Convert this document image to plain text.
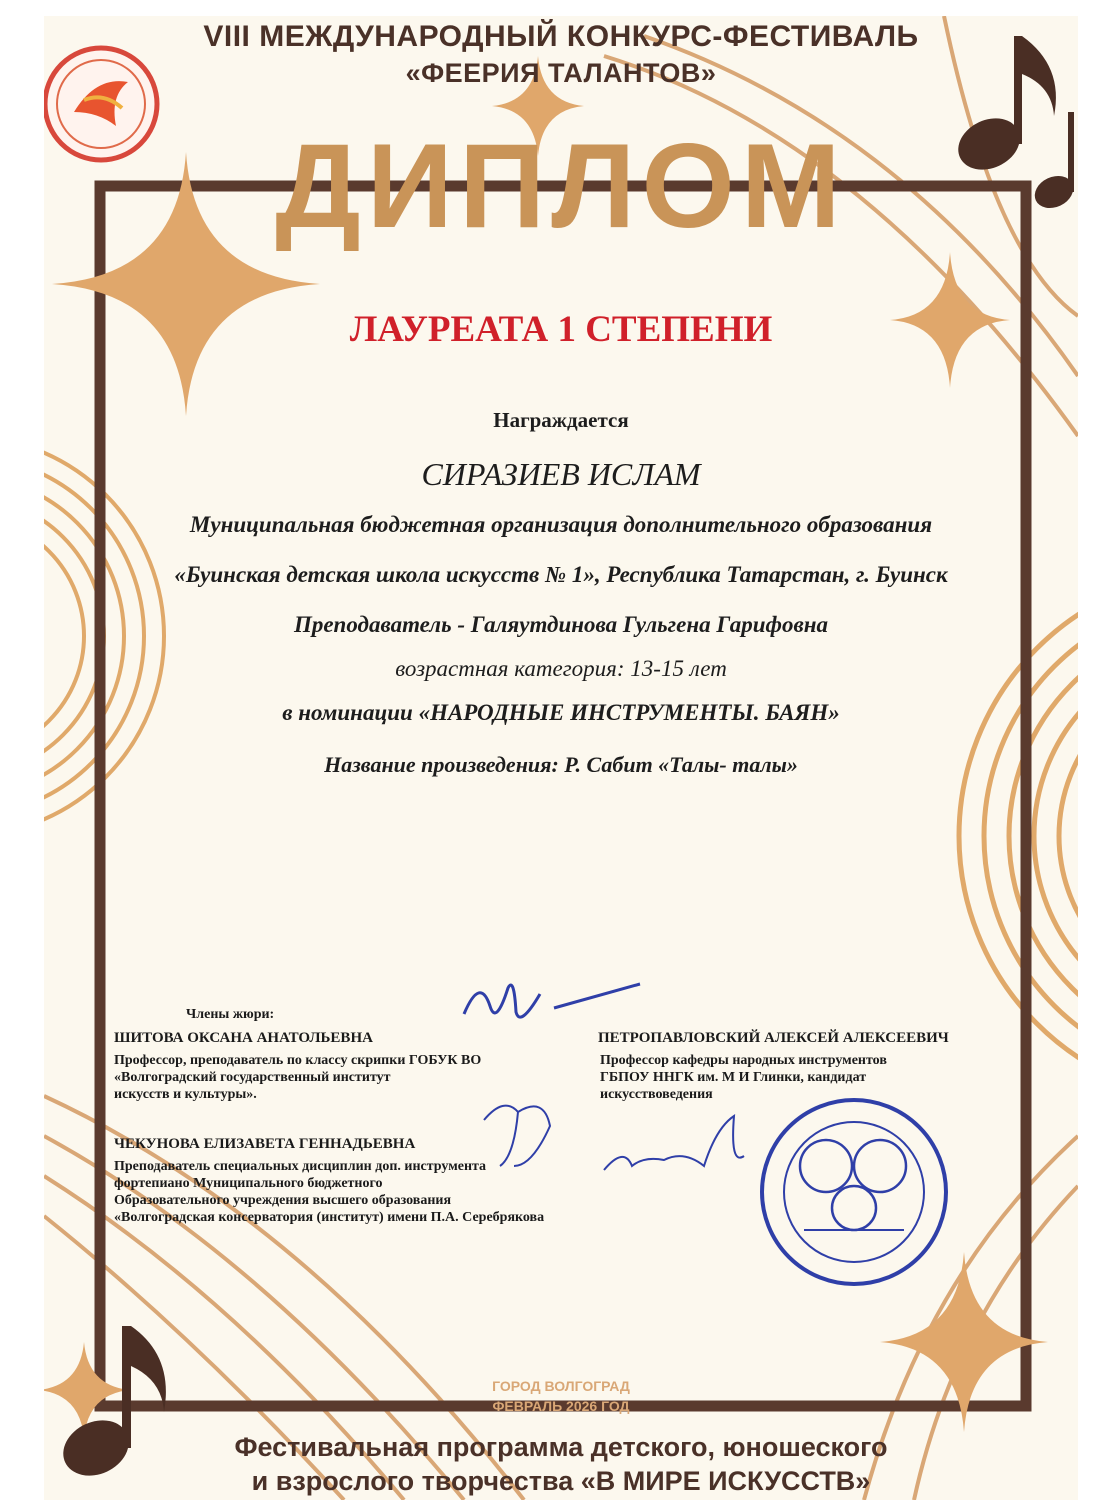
VIII МЕЖДУНАРОДНЫЙ КОНКУРС-ФЕСТИВАЛЬ
«ФЕЕРИЯ ТАЛАНТОВ»
ДИПЛОМ
ЛАУРЕАТА 1 СТЕПЕНИ
Награждается
СИРАЗИЕВ ИСЛАМ
Муниципальная бюджетная организация дополнительного образования
«Буинская детская школа искусств № 1», Республика Татарстан, г. Буинск
Преподаватель - Галяутдинова Гульгена Гарифовна
возрастная категория: 13-15 лет
в номинации «НАРОДНЫЕ ИНСТРУМЕНТЫ. БАЯН»
Название произведения: Р. Сабит «Талы- талы»
Члены жюри:
ШИТОВА ОКСАНА АНАТОЛЬЕВНА
Профессор, преподаватель по классу скрипки ГОБУК ВО
«Волгоградский государственный институт
искусств и культуры».
ПЕТРОПАВЛОВСКИЙ АЛЕКСЕЙ АЛЕКСЕЕВИЧ
Профессор кафедры народных инструментов
ГБПОУ ННГК им. М И Глинки, кандидат
искусствоведения
ЧЕКУНОВА ЕЛИЗАВЕТА ГЕННАДЬЕВНА
Преподаватель специальных дисциплин доп. инструмента
фортепиано Муниципального бюджетного
Образовательного учреждения высшего образования
«Волгоградская консерватория (институт) имени П.А. Серебрякова
ГОРОД ВОЛГОГРАД
ФЕВРАЛЬ 2026 ГОД
Фестивальная программа детского, юношеского
и взрослого творчества «В МИРЕ ИСКУССТВ»
